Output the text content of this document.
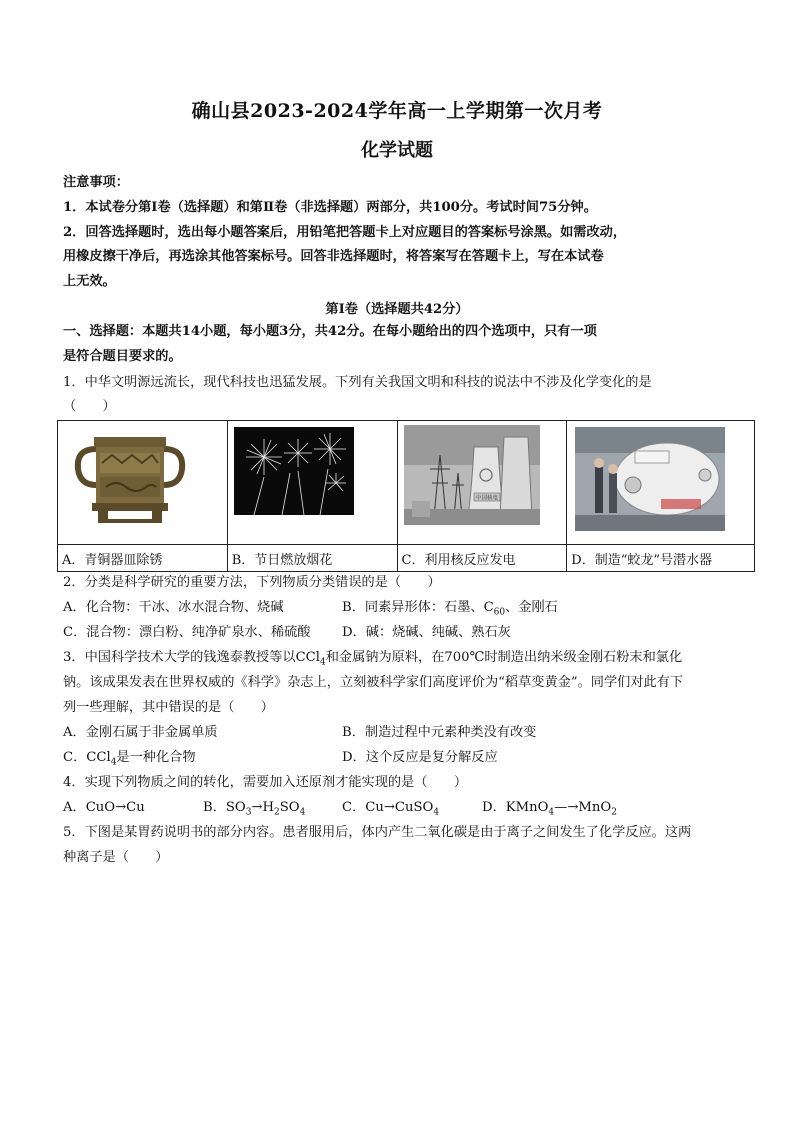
确山县2023-2024学年高一上学期第一次月考
化学试题
注意事项：
1．本试卷分第Ⅰ卷（选择题）和第Ⅱ卷（非选择题）两部分，共100分。考试时间75分钟。
2．回答选择题时，选出每小题答案后，用铅笔把答题卡上对应题目的答案标号涂黑。如需改动，
用橡皮擦干净后，再选涂其他答案标号。回答非选择题时，将答案写在答题卡上，写在本试卷
上无效。
第Ⅰ卷（选择题共42分）
一、选择题：本题共14小题，每小题3分，共42分。在每小题给出的四个选项中，只有一项
是符合题目要求的。
1．中华文明源远流长，现代科技也迅猛发展。下列有关我国文明和科技的说法中不涉及化学变化的是
（　　）

中国核电

A．青铜器皿除锈	B．节日燃放烟花	C．利用核反应发电	D．制造“蛟龙”号潜水器
2．分类是科学研究的重要方法，下列物质分类错误的是（　　）
A．化合物：干冰、冰水混合物、烧碱	B．同素异形体：石墨、$C_{60}$、金刚石
C．混合物：漂白粉、纯净矿泉水、稀硫酸 D．碱：烧碱、纯碱、熟石灰
3．中国科学技术大学的钱逸泰教授等以CCl$_4$和金属钠为原料，在700℃时制造出纳米级金刚石粉末和氯化
钠。该成果发表在世界权威的《科学》杂志上，立刻被科学家们高度评价为“稻草变黄金”。同学们对此有下
列一些理解，其中错误的是（　　）
A．金刚石属于非金属单质	B．制造过程中元素种类没有改变
C．CCl$_4$是一种化合物	D．这个反应是复分解反应
4．实现下列物质之间的转化，需要加入还原剂才能实现的是（　　）
A．CuO→Cu	B．$SO_3\to H_2SO_4$	C．Cu→CuSO$_4$	D．KMnO$_4$—→MnO$_2$
5．下图是某胃药说明书的部分内容。患者服用后，体内产生二氧化碳是由于离子之间发生了化学反应。这两
种离子是（　　）
